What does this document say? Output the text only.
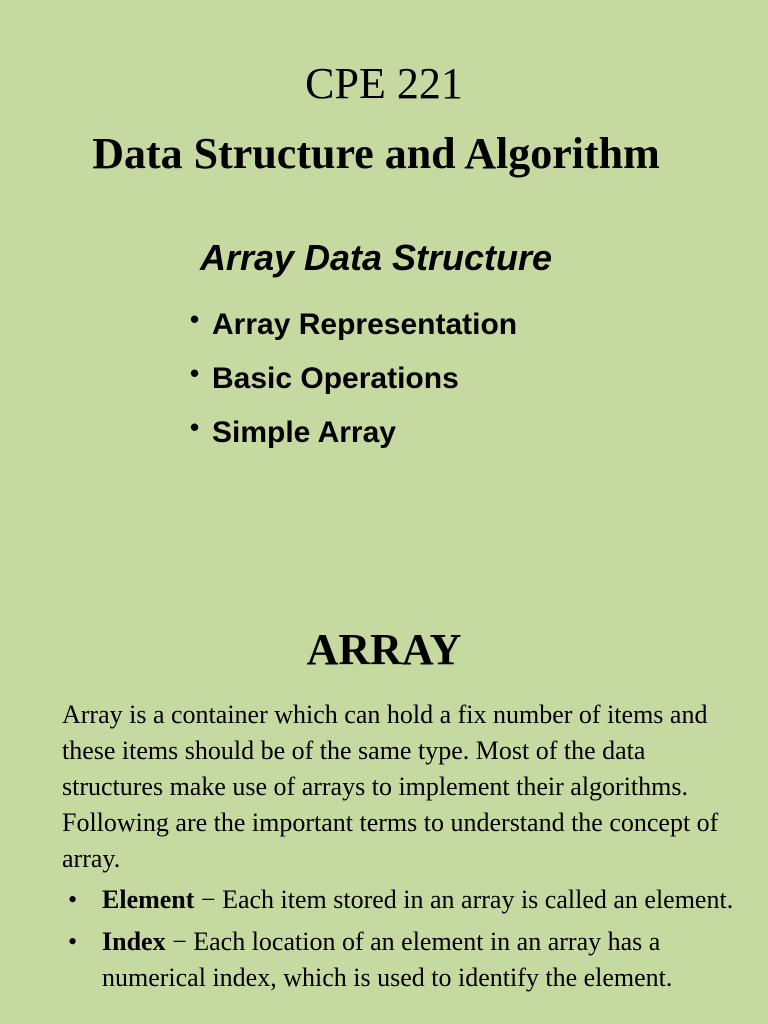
CPE 221
Data Structure and Algorithm
Array Data Structure
• Array Representation
• Basic Operations
• Simple Array
ARRAY

Array is a container which can hold a fix number of items and these items should be of the same type. Most of the data structures make use of arrays to implement their algorithms. Following are the important terms to understand the concept of array.

• Element − Each item stored in an array is called an element.
• Index − Each location of an element in an array has a numerical index, which is used to identify the element.
